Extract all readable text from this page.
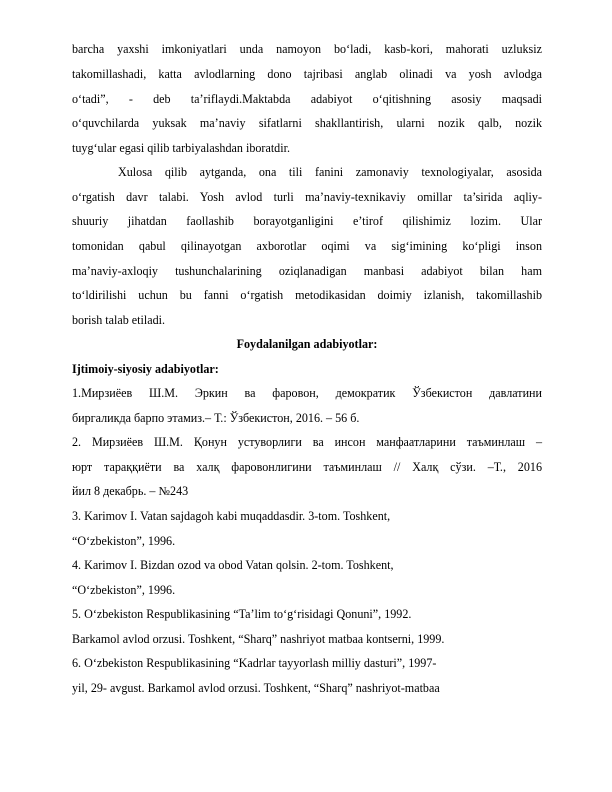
barcha yaxshi imkoniyatlari unda namoyon bo‘ladi, kasb-kori, mahorati uzluksiz
takomillashadi, katta avlodlarning dono tajribasi anglab olinadi va yosh avlodga
o‘tadi”, - deb ta’riflaydi.Maktabda adabiyot o‘qitishning asosiy maqsadi
o‘quvchilarda yuksak ma’naviy sifatlarni shakllantirish, ularni nozik qalb, nozik
tuyg‘ular egasi qilib tarbiyalashdan iboratdir.
Xulosa qilib aytganda, ona tili fanini zamonaviy texnologiyalar, asosida
o‘rgatish davr talabi. Yosh avlod turli ma’naviy-texnikaviy omillar ta’sirida aqliy-
shuuriy jihatdan faollashib borayotganligini e’tirof qilishimiz lozim. Ular
tomonidan qabul qilinayotgan axborotlar oqimi va sig‘imining ko‘pligi inson
ma’naviy-axloqiy tushunchalarining oziqlanadigan manbasi adabiyot bilan ham
to‘ldirilishi uchun bu fanni o‘rgatish metodikasidan doimiy izlanish, takomillashib
borish talab etiladi.
Foydalanilgan adabiyotlar:
Ijtimoiy-siyosiy adabiyotlar:
1.Мирзиёев Ш.М. Эркин ва фаровон, демократик Ўзбекистон давлатини
биргаликда барпо этамиз.– Т.: Ўзбекистон, 2016. – 56 б.
2. Мирзиёев Ш.М. Қонун устуворлиги ва инсон манфаатларини таъминлаш –
юрт тараққиёти ва халқ фаровонлигини таъминлаш // Халқ сўзи. –Т., 2016
йил 8 декабрь. – №243
3. Karimov I. Vatan sajdagoh kabi muqaddasdir. 3-tom. Toshkent,
“O‘zbekiston”, 1996.
4. Karimov I. Bizdan ozod va obod Vatan qolsin. 2-tom. Toshkent,
“O‘zbekiston”, 1996.
5. O‘zbekiston Respublikasining “Ta’lim to‘g‘risidagi Qonuni”, 1992.
Barkamol avlod orzusi. Toshkent, “Sharq” nashriyot matbaa kontserni, 1999.
6. O‘zbekiston Respublikasining “Kadrlar tayyorlash milliy dasturi”, 1997-
yil, 29- avgust. Barkamol avlod orzusi. Toshkent, “Sharq” nashriyot-matbaa
